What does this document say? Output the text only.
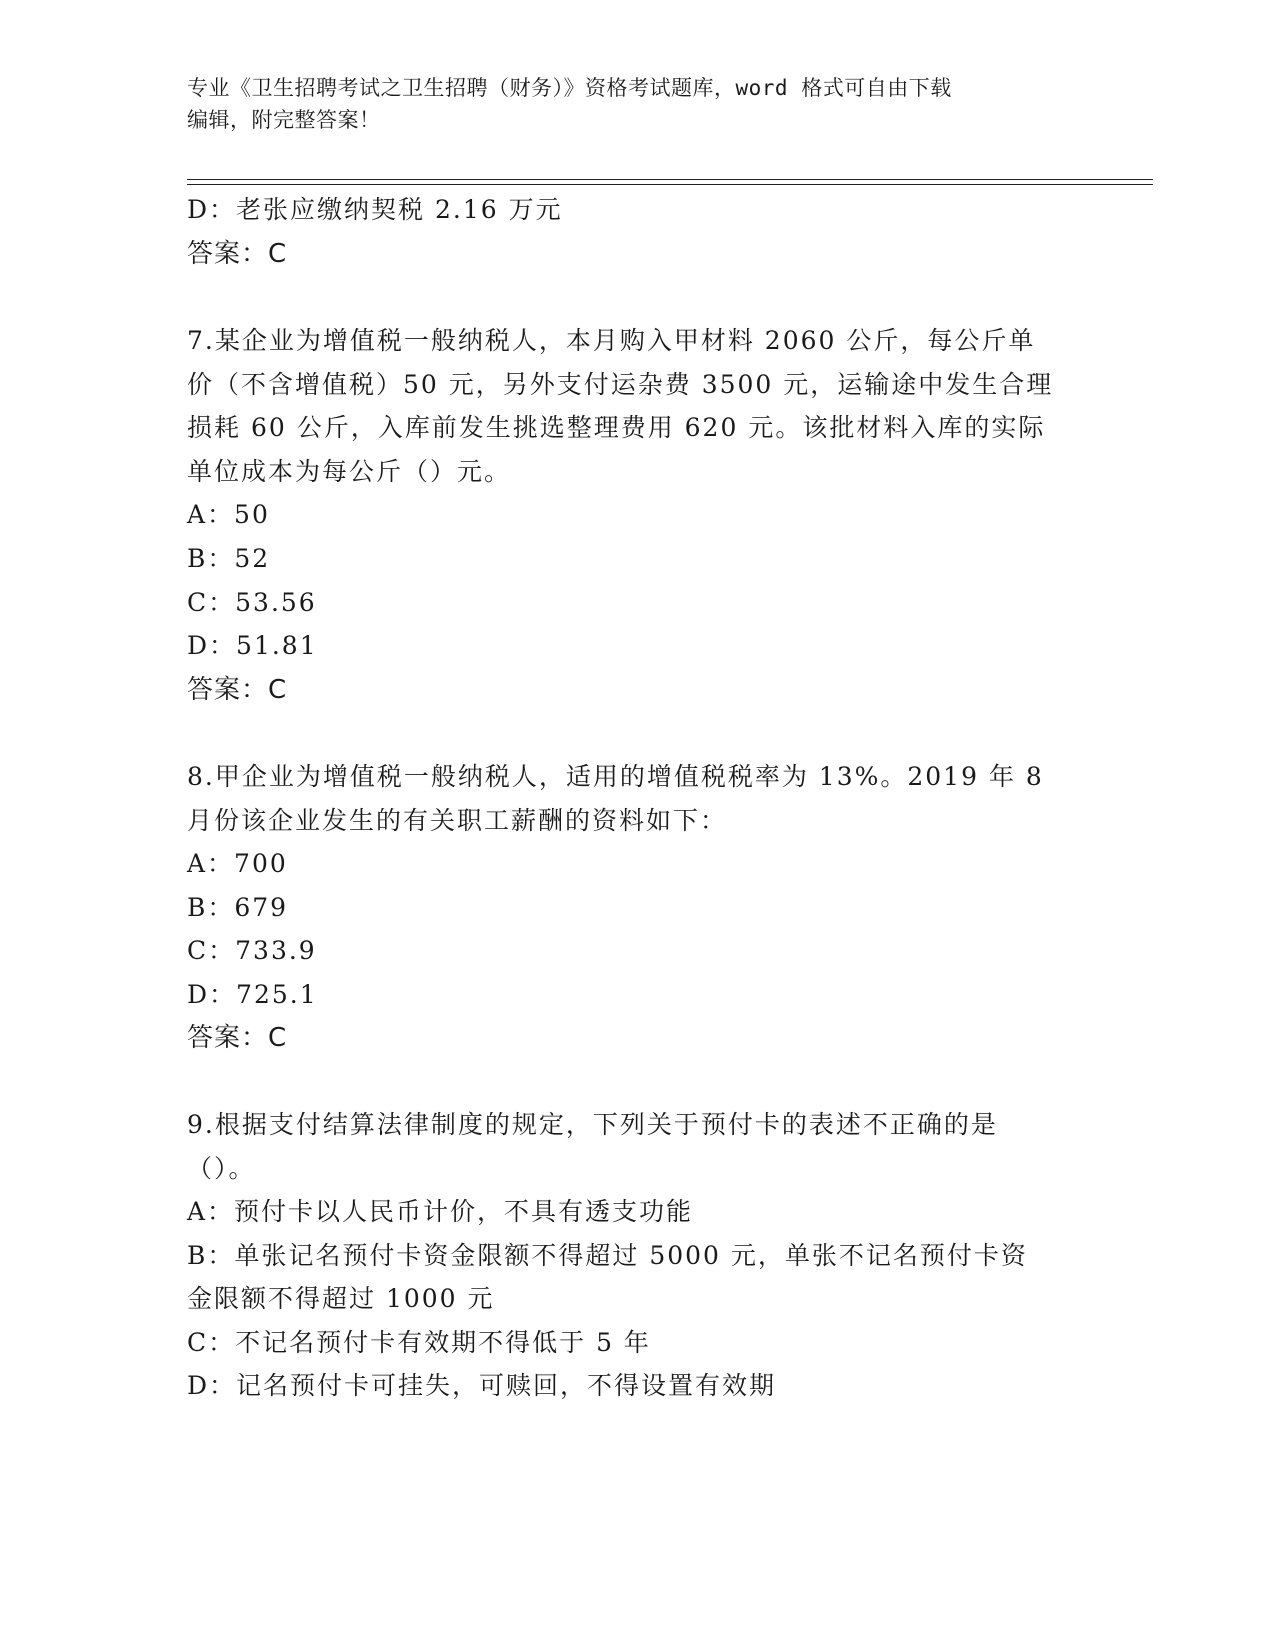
专业《卫生招聘考试之卫生招聘（财务）》资格考试题库，word 格式可自由下载
编辑，附完整答案！
D：老张应缴纳契税 2.16 万元
答案：C
7.某企业为增值税一般纳税人，本月购入甲材料 2060 公斤，每公斤单
价（不含增值税）50 元，另外支付运杂费 3500 元，运输途中发生合理
损耗 60 公斤，入库前发生挑选整理费用 620 元。该批材料入库的实际
单位成本为每公斤（）元。
A：50
B：52
C：53.56
D：51.81
答案：C
8.甲企业为增值税一般纳税人，适用的增值税税率为 13%。2019 年 8
月份该企业发生的有关职工薪酬的资料如下：
A：700
B：679
C：733.9
D：725.1
答案：C
9.根据支付结算法律制度的规定，下列关于预付卡的表述不正确的是
（）。
A：预付卡以人民币计价，不具有透支功能
B：单张记名预付卡资金限额不得超过 5000 元，单张不记名预付卡资
金限额不得超过 1000 元
C：不记名预付卡有效期不得低于 5 年
D：记名预付卡可挂失，可赎回，不得设置有效期
